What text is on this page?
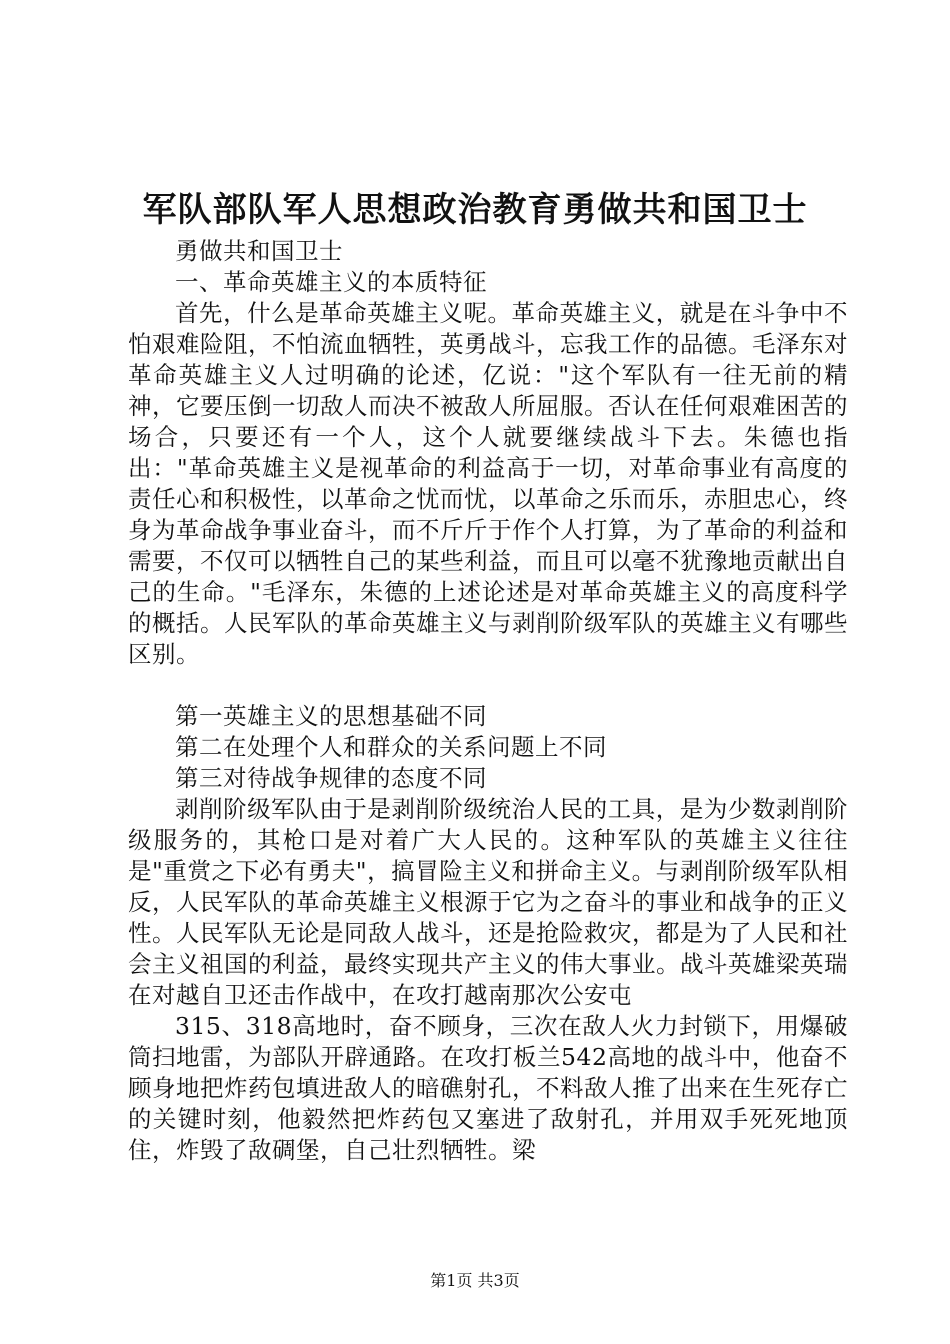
军队部队军人思想政治教育勇做共和国卫士

勇做共和国卫士

一、革命英雄主义的本质特征

首先，什么是革命英雄主义呢。革命英雄主义，就是在斗争中不怕艰难险阻，不怕流血牺牲，英勇战斗，忘我工作的品德。毛泽东对革命英雄主义人过明确的论述，亿说："这个军队有一往无前的精神，它要压倒一切敌人而决不被敌人所屈服。否认在任何艰难困苦的场合，只要还有一个人，这个人就要继续战斗下去。朱德也指出："革命英雄主义是视革命的利益高于一切，对革命事业有高度的责任心和积极性，以革命之忧而忧，以革命之乐而乐，赤胆忠心，终身为革命战争事业奋斗，而不斤斤于作个人打算，为了革命的利益和需要，不仅可以牺牲自己的某些利益，而且可以毫不犹豫地贡献出自己的生命。"毛泽东，朱德的上述论述是对革命英雄主义的高度科学的概括。人民军队的革命英雄主义与剥削阶级军队的英雄主义有哪些区别。

第一英雄主义的思想基础不同

第二在处理个人和群众的关系问题上不同

第三对待战争规律的态度不同

剥削阶级军队由于是剥削阶级统治人民的工具，是为少数剥削阶级服务的，其枪口是对着广大人民的。这种军队的英雄主义往往是"重赏之下必有勇夫"，搞冒险主义和拼命主义。与剥削阶级军队相反，人民军队的革命英雄主义根源于它为之奋斗的事业和战争的正义性。人民军队无论是同敌人战斗，还是抢险救灾，都是为了人民和社会主义祖国的利益，最终实现共产主义的伟大事业。战斗英雄梁英瑞在对越自卫还击作战中，在攻打越南那次公安屯

315、318高地时，奋不顾身，三次在敌人火力封锁下，用爆破筒扫地雷，为部队开辟通路。在攻打板兰542高地的战斗中，他奋不顾身地把炸药包填进敌人的暗礁射孔，不料敌人推了出来在生死存亡的关键时刻，他毅然把炸药包又塞进了敌射孔，并用双手死死地顶住，炸毁了敌碉堡，自己壮烈牺牲。梁

第1页 共3页
